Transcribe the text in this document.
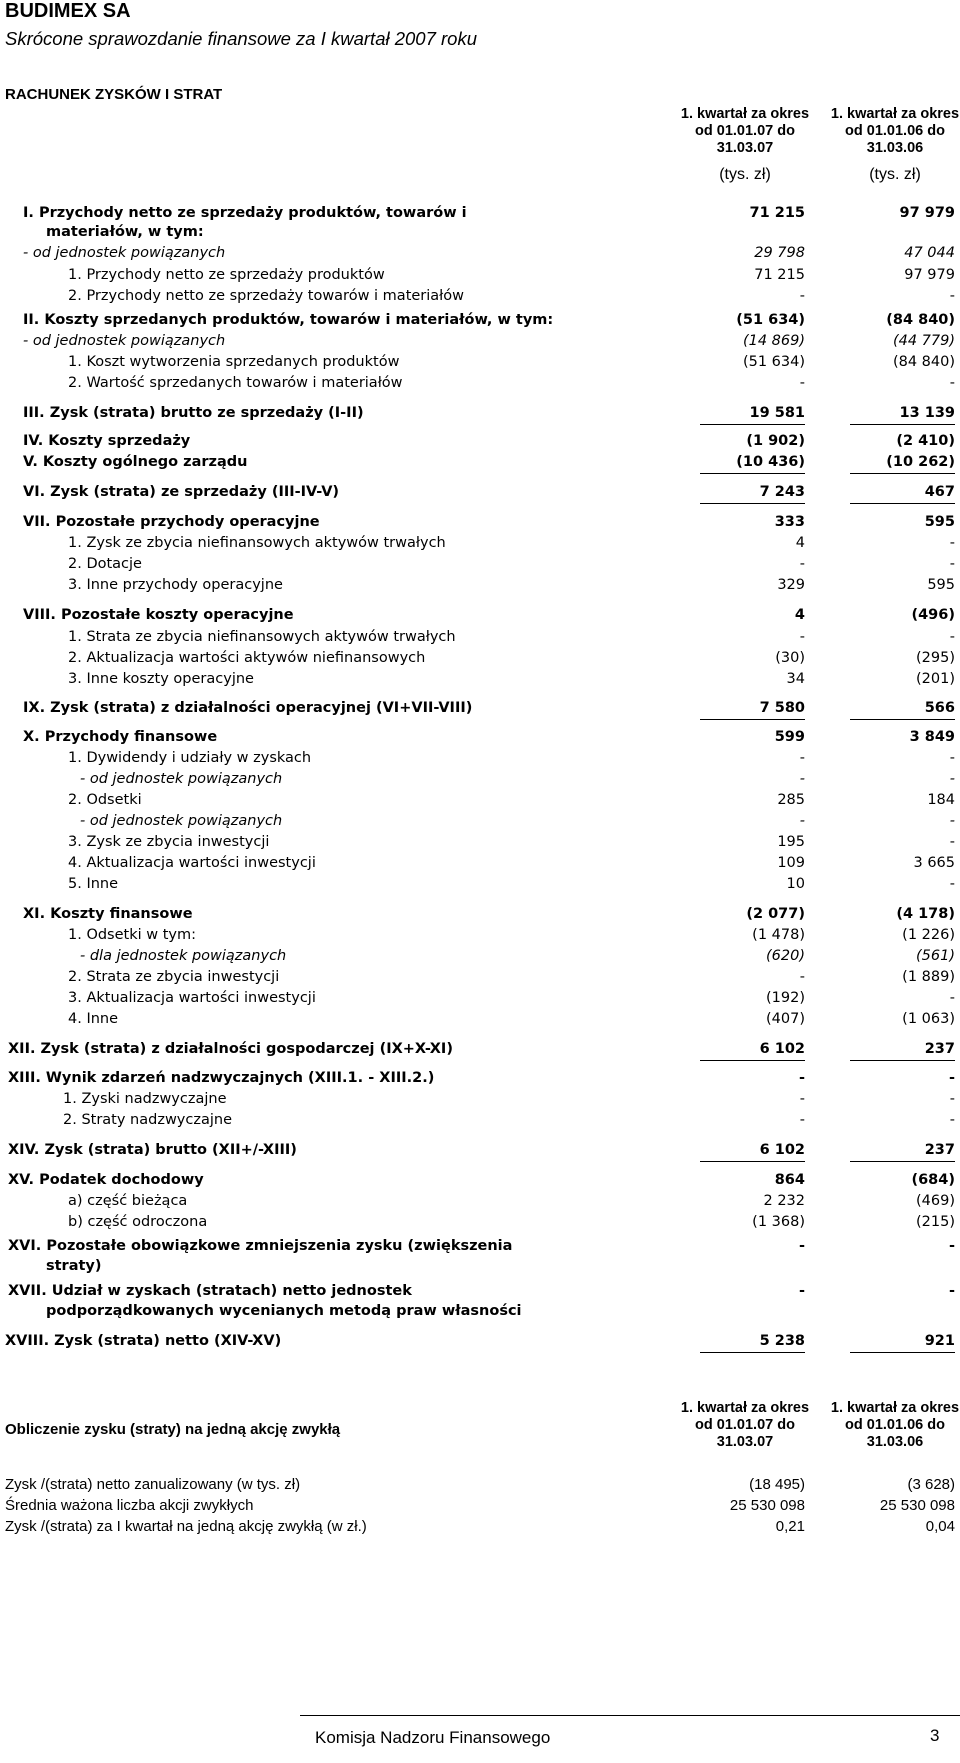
BUDIMEX SA
Skrócone sprawozdanie finansowe za I kwartał 2007 roku
RACHUNEK ZYSKÓW I STRAT
1. kwartał za okres
od 01.01.07 do
31.03.07
1. kwartał za okres
od 01.01.06 do
31.03.06
(tys. zł)	(tys. zł)
I. Przychody netto ze sprzedaży produktów, towarów i	71 215	97 979
materiałów, w tym:
- od jednostek powiązanych	29 798	47 044
1. Przychody netto ze sprzedaży produktów	71 215	97 979
2. Przychody netto ze sprzedaży towarów i materiałów	-	-
II. Koszty sprzedanych produktów, towarów i materiałów, w tym:	(51 634)	(84 840)
- od jednostek powiązanych	(14 869)	(44 779)
1. Koszt wytworzenia sprzedanych produktów	(51 634)	(84 840)
2. Wartość sprzedanych towarów i materiałów	-	-
III. Zysk (strata) brutto ze sprzedaży (I-II)	19 581	13 139
IV. Koszty sprzedaży	(1 902)	(2 410)
V. Koszty ogólnego zarządu	(10 436)	(10 262)
VI. Zysk (strata) ze sprzedaży (III-IV-V)	7 243	467
VII. Pozostałe przychody operacyjne	333	595
1. Zysk ze zbycia niefinansowych aktywów trwałych	4	-
2. Dotacje	-	-
3. Inne przychody operacyjne	329	595
VIII. Pozostałe koszty operacyjne	4	(496)
1. Strata ze zbycia niefinansowych aktywów trwałych	-	-
2. Aktualizacja wartości aktywów niefinansowych	(30)	(295)
3. Inne koszty operacyjne	34	(201)
IX. Zysk (strata) z działalności operacyjnej (VI+VII-VIII)	7 580	566
X. Przychody finansowe	599	3 849
1. Dywidendy i udziały w zyskach	-	-
- od jednostek powiązanych	-	-
2. Odsetki	285	184
- od jednostek powiązanych	-	-
3. Zysk ze zbycia inwestycji	195	-
4. Aktualizacja wartości inwestycji	109	3 665
5. Inne	10	-
XI. Koszty finansowe	(2 077)	(4 178)
1. Odsetki w tym:	(1 478)	(1 226)
- dla jednostek powiązanych	(620)	(561)
2. Strata ze zbycia inwestycji	-	(1 889)
3. Aktualizacja wartości inwestycji	(192)	-
4. Inne	(407)	(1 063)
XII. Zysk (strata) z działalności gospodarczej (IX+X-XI)	6 102	237
XIII. Wynik zdarzeń nadzwyczajnych (XIII.1. - XIII.2.)	-	-
1. Zyski nadzwyczajne	-	-
2. Straty nadzwyczajne	-	-
XIV. Zysk (strata) brutto (XII+/-XIII)	6 102	237
XV. Podatek dochodowy	864	(684)
a) część bieżąca	2 232	(469)
b) część odroczona	(1 368)	(215)
XVI. Pozostałe obowiązkowe zmniejszenia zysku (zwiększenia	-	-
straty)
XVII. Udział w zyskach (stratach) netto jednostek	-	-
podporządkowanych wycenianych metodą praw własności
XVIII. Zysk (strata) netto (XIV-XV)	5 238	921
Obliczenie zysku (straty) na jedną akcję zwykłą
1. kwartał za okres
od 01.01.07 do
31.03.07
1. kwartał za okres
od 01.01.06 do
31.03.06
Zysk /(strata) netto zanualizowany (w tys. zł)	(18 495)	(3 628)
Średnia ważona liczba akcji zwykłych	25 530 098	25 530 098
Zysk /(strata) za I kwartał na jedną akcję zwykłą (w zł.)	0,21	0,04
Komisja Nadzoru Finansowego	3
